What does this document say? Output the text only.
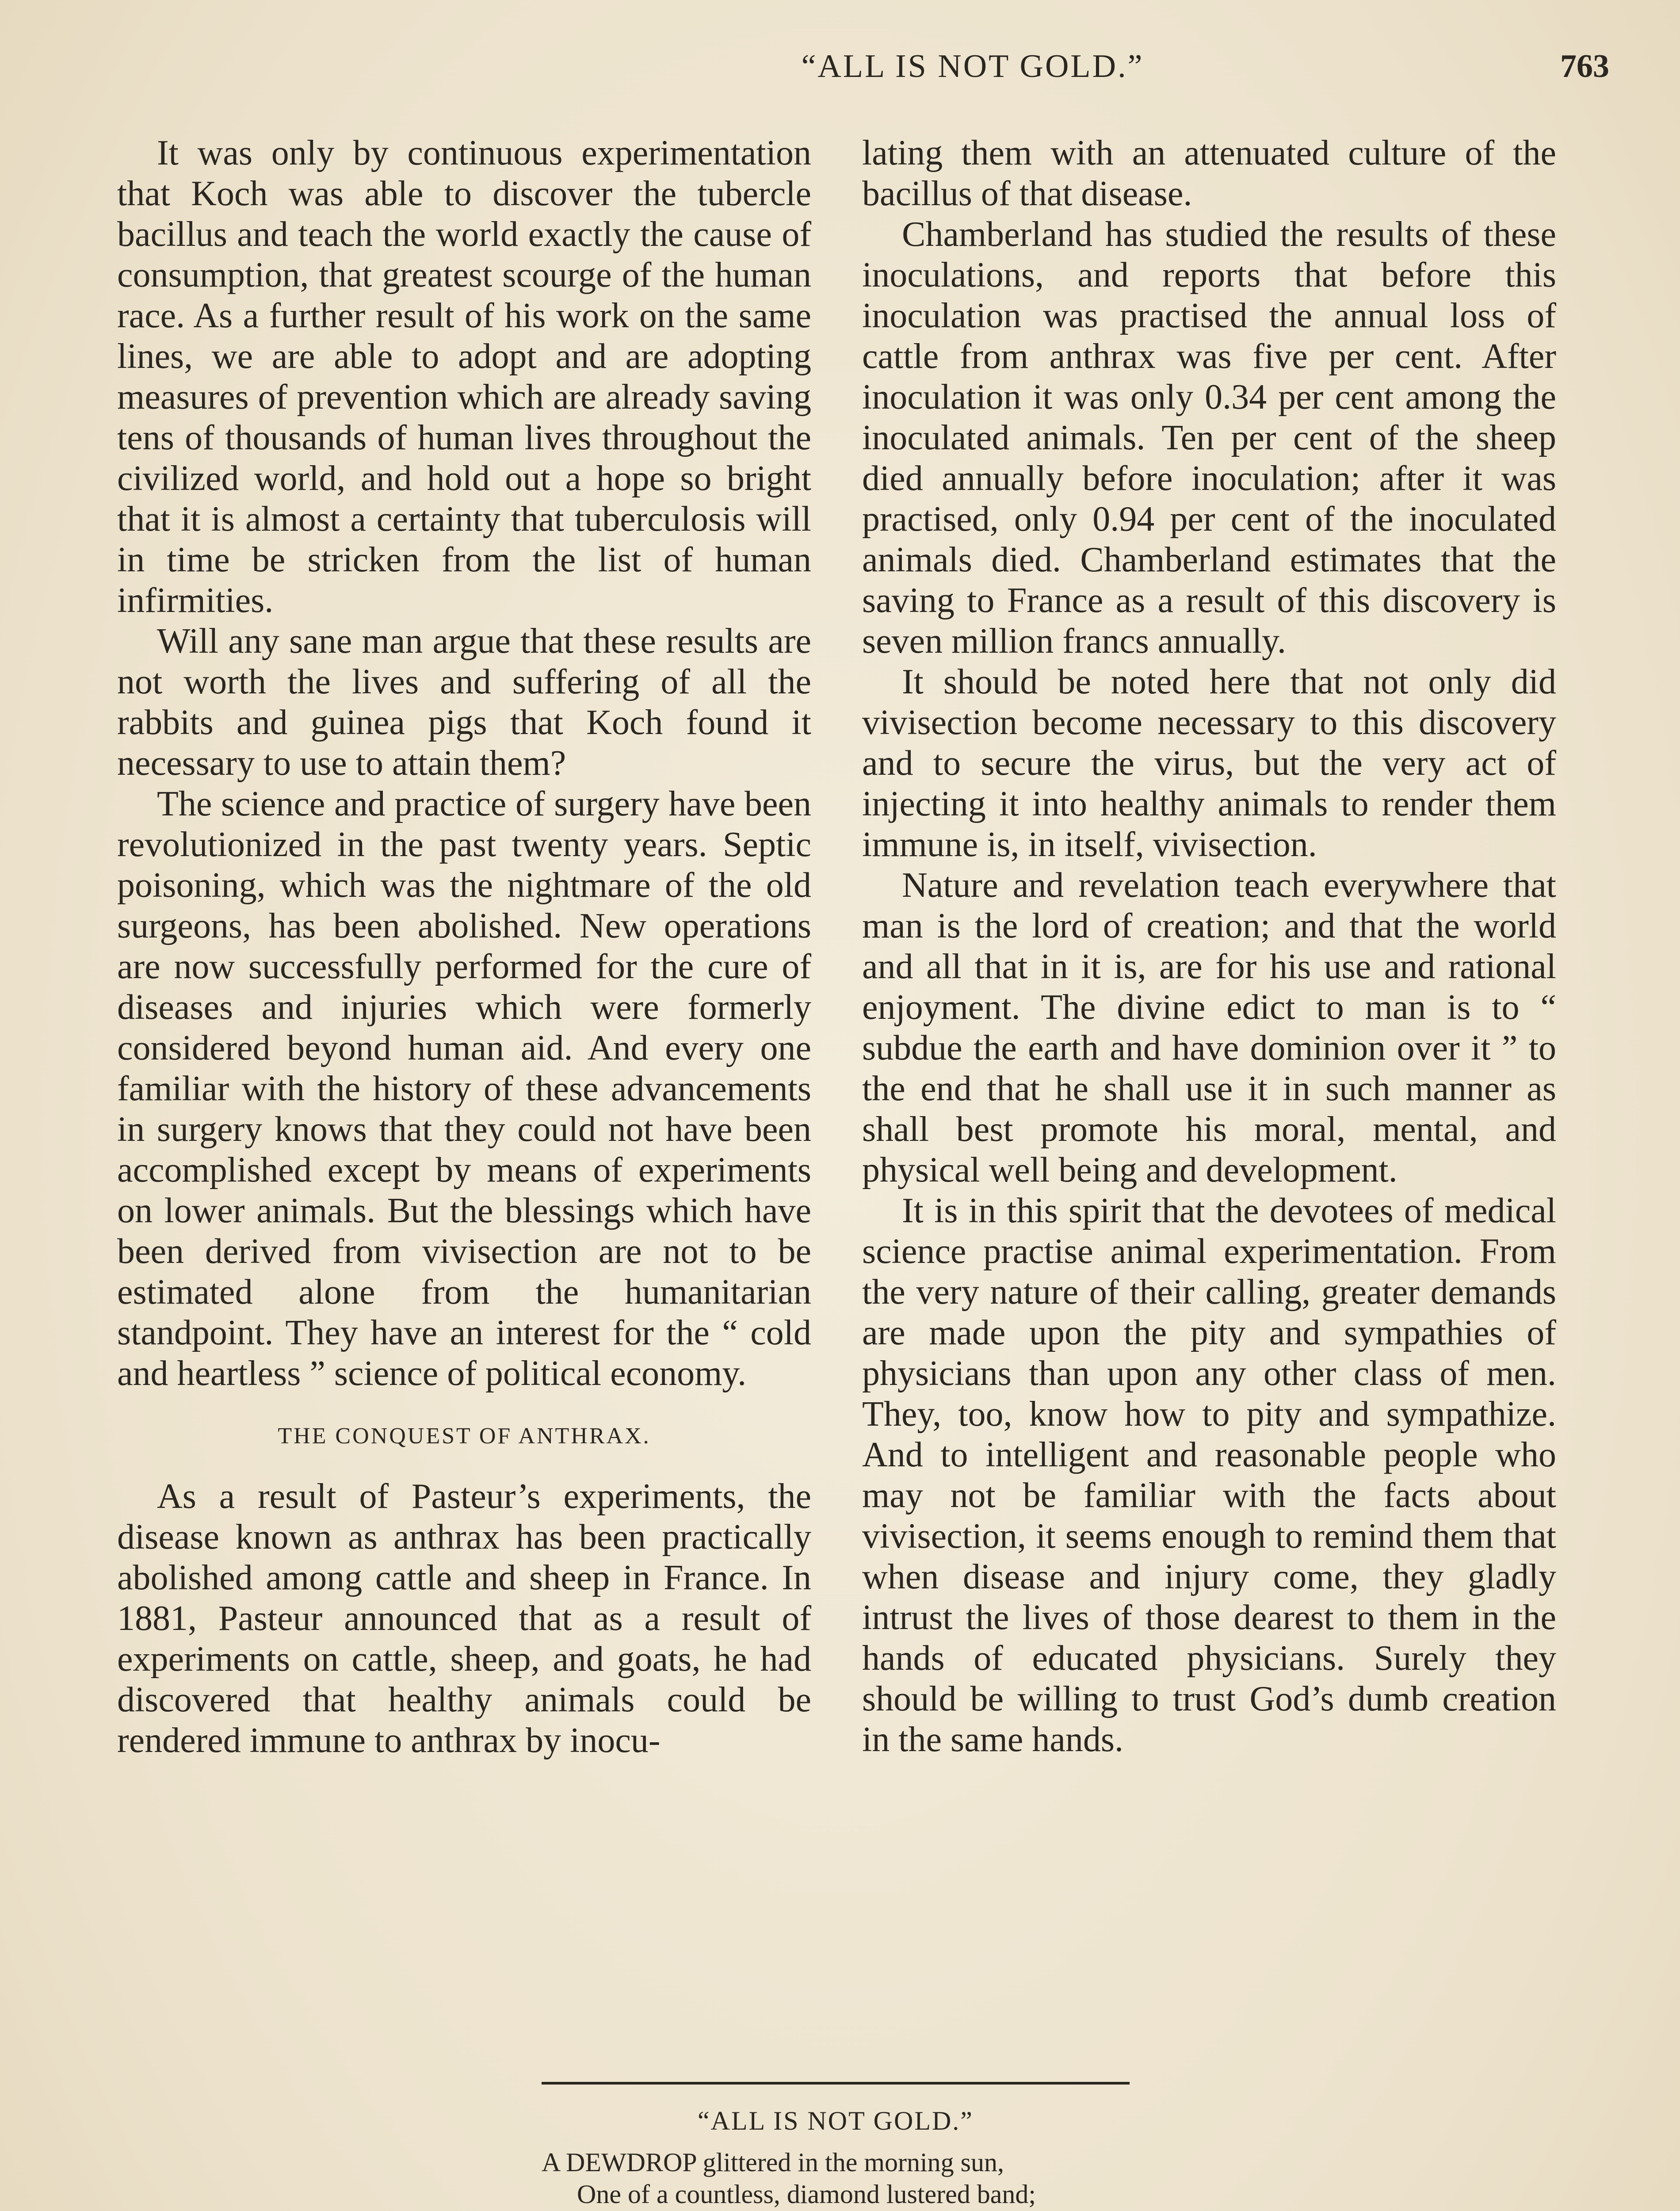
“ALL IS NOT GOLD.”	763

It was only by continuous experimentation that Koch was able to discover the tubercle bacillus and teach the world exactly the cause of consumption, that greatest scourge of the human race. As a further result of his work on the same lines, we are able to adopt and are adopting measures of prevention which are already saving tens of thousands of human lives throughout the civilized world, and hold out a hope so bright that it is almost a certainty that tuberculosis will in time be stricken from the list of human infirmities.

Will any sane man argue that these results are not worth the lives and suffering of all the rabbits and guinea pigs that Koch found it necessary to use to attain them?

The science and practice of surgery have been revolutionized in the past twenty years. Septic poisoning, which was the nightmare of the old surgeons, has been abolished. New operations are now successfully performed for the cure of diseases and injuries which were formerly considered beyond human aid. And every one familiar with the history of these advancements in surgery knows that they could not have been accomplished except by means of experiments on lower animals. But the blessings which have been derived from vivisection are not to be estimated alone from the humanitarian standpoint. They have an interest for the “ cold and heartless ” science of political economy.

THE CONQUEST OF ANTHRAX.

As a result of Pasteur’s experiments, the disease known as anthrax has been practically abolished among cattle and sheep in France. In 1881, Pasteur announced that as a result of experiments on cattle, sheep, and goats, he had discovered that healthy animals could be rendered immune to anthrax by inocu-

lating them with an attenuated culture of the bacillus of that disease.

Chamberland has studied the results of these inoculations, and reports that before this inoculation was practised the annual loss of cattle from anthrax was five per cent. After inoculation it was only 0.34 per cent among the inoculated animals. Ten per cent of the sheep died annually before inoculation; after it was practised, only 0.94 per cent of the inoculated animals died. Chamberland estimates that the saving to France as a result of this discovery is seven million francs annually.

It should be noted here that not only did vivisection become necessary to this discovery and to secure the virus, but the very act of injecting it into healthy animals to render them immune is, in itself, vivisection.

Nature and revelation teach everywhere that man is the lord of creation; and that the world and all that in it is, are for his use and rational enjoyment. The divine edict to man is to “ subdue the earth and have dominion over it ” to the end that he shall use it in such manner as shall best promote his moral, mental, and physical well being and development.

It is in this spirit that the devotees of medical science practise animal experimentation. From the very nature of their calling, greater demands are made upon the pity and sympathies of physicians than upon any other class of men. They, too, know how to pity and sympathize. And to intelligent and reasonable people who may not be familiar with the facts about vivisection, it seems enough to remind them that when disease and injury come, they gladly intrust the lives of those dearest to them in the hands of educated physicians. Surely they should be willing to trust God’s dumb creation in the same hands.

“ALL IS NOT GOLD.”
A DEWDROP glittered in the morning sun,
One of a countless, diamond lustered band;
